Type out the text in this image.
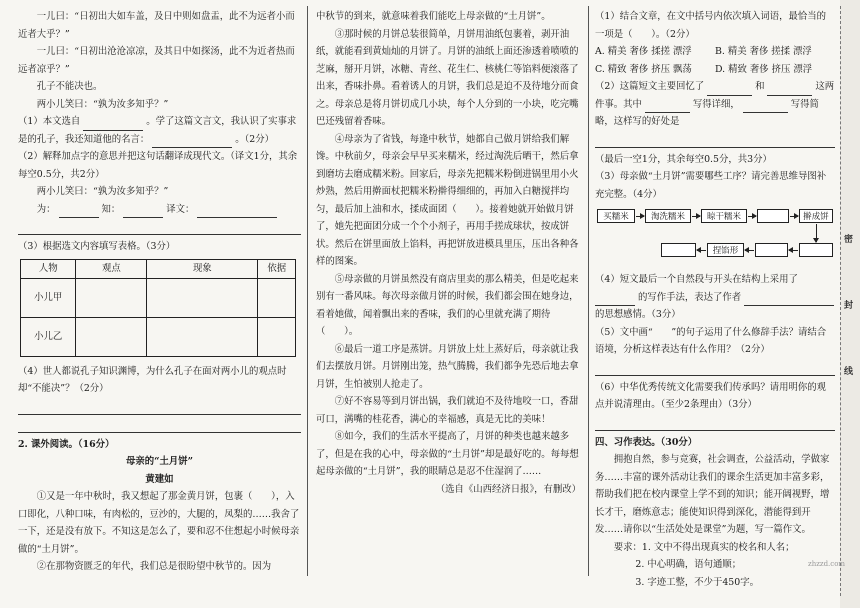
一儿曰：“日初出大如车盖，及日中则如盘盂，此不为远者小而近者大乎？”

一儿曰：“日初出沧沧凉凉，及其日中如探汤，此不为近者热而远者凉乎？”

孔子不能决也。

两小儿笑曰：“孰为汝多知乎？”

（1）本文选自	。学了这篇文言文，我认识了实事求是的孔子，我还知道他的名言：	。（2分）

（2）解释加点字的意思并把这句话翻译成现代文。（译文1分，其余每空0.5分，共2分）

两小儿笑曰：“孰为汝多知乎？”

为：	知：	译文：

（3）根据选文内容填写表格。（3分）

人物	观点	现象	依据
小儿甲			
小儿乙			

（4）世人都说孔子知识渊博，为什么孔子在面对两小儿的观点时却“不能决”？（2分）

2. 课外阅读。（16分）

母亲的“土月饼”

黄建如

①又是一年中秋时，我又想起了那金黄月饼，包裹（　　），入口即化，八种口味，有肉松的，豆沙的，大腿的，凤梨的……我舍了一下，还是没有放下。不知这是怎么了，要和忍不住想起小时候母亲做的“土月饼”。

②在那物资匮乏的年代，我们总是很盼望中秋节的。因为

中秋节的到来，就意味着我们能吃上母亲做的“土月饼”。

③那时候的月饼总装很简单，月饼用油纸包裹着，剥开油纸，就能看到黄灿灿的月饼了。月饼的油纸上面还渗透着喷喷的芝麻，掰开月饼，冰糖、青丝、花生仁、核桃仁等馅料便滚落了出来，香味扑鼻。看着诱人的月饼，我们总是迫不及待地分而食之。母亲总是将月饼切成几小块，每个人分到的一小块，吃完嘴巴还残留着香味。

④母亲为了省钱，每逢中秋节，她都自己做月饼给我们解馋。中秋前夕，母亲会早早买来糯米，经过淘洗后晒干，然后拿到磨坊去磨成糯米粉。回家后，母亲先把糯米粉倒进锅里用小火炒熟，然后用擀面杖把糯米粉擀得细细的，再加入白糖搅拌均匀，最后加上油和水，揉成面团（　　）。接着她就开始做月饼了，她先把面团分成一个个小剂子，再用手搓成球状，按成饼状。然后在饼里面放上馅料，再把饼放进模具里压，压出各种各样的图案。

⑤母亲做的月饼虽然没有商店里卖的那么精美，但是吃起来别有一番风味。每次母亲做月饼的时候，我们都会围在她身边，看着她做，闻着飘出来的香味，我们的心里就充满了期待（　　）。

⑥最后一道工序是蒸饼。月饼放上灶上蒸好后，母亲就让我们去摆放月饼。月饼刚出笼，热气腾腾，我们都争先恐后地去拿月饼，生怕被别人抢走了。

⑦好不容易等到月饼出锅，我们就迫不及待地咬一口，香甜可口，满嘴的桂花香，满心的幸福感，真是无比的美味！

⑧如今，我们的生活水平提高了，月饼的种类也越来越多了，但是在我的心中，母亲做的“土月饼”却是最好吃的。每每想起母亲做的“土月饼”，我的眼睛总是忍不住湿润了……

（选自《山西经济日报》，有删改）

（1）结合文章，在文中括号内依次填入词语，最恰当的一项是（　　）。（2分）

A. 精美 奢侈 揉搓 漂浮	B. 精美 奢侈 搓揉 漂浮
C. 精致 奢侈 挤压 飘荡	D. 精致 奢侈 挤压 漂浮

（2）这篇短文主要回忆了	和	这两件事。其中	写得详细，	写得简略，这样写的好处是

（最后一空1分，其余每空0.5分，共3分）

（3）母亲做“土月饼”需要哪些工序？请完善思维导图补充完整。（4分）

买糯米	淘洗糯米	晾干糯米	擀成饼
捏馅形

（4）短文最后一个自然段与开头在结构上采用了  的写作手法，表达了作者  的思想感情。（3分）

（5）文中画“　　”的句子运用了什么修辞手法？请结合语境，分析这样表达有什么作用？（2分）

（6）中华优秀传统文化需要我们传承吗？请用明你的观点并说清理由。（至少2条理由）（3分）

四、习作表达。（30分）

拥抱自然，参与竞赛，社会调查，公益活动，学做家务……丰富的课外活动让我们的课余生活更加丰富多彩，帮助我们把在校内课堂上学不到的知识；能开阔视野，增长才干，磨炼意志；能使知识得到深化，潜能得到开发……请你以“生活处处是课堂”为题，写一篇作文。

要求：1. 文中不得出现真实的校名和人名；

2. 中心明确，语句通顺；

3. 字迹工整，不少于450字。

密
封
线
zhzzd.com
